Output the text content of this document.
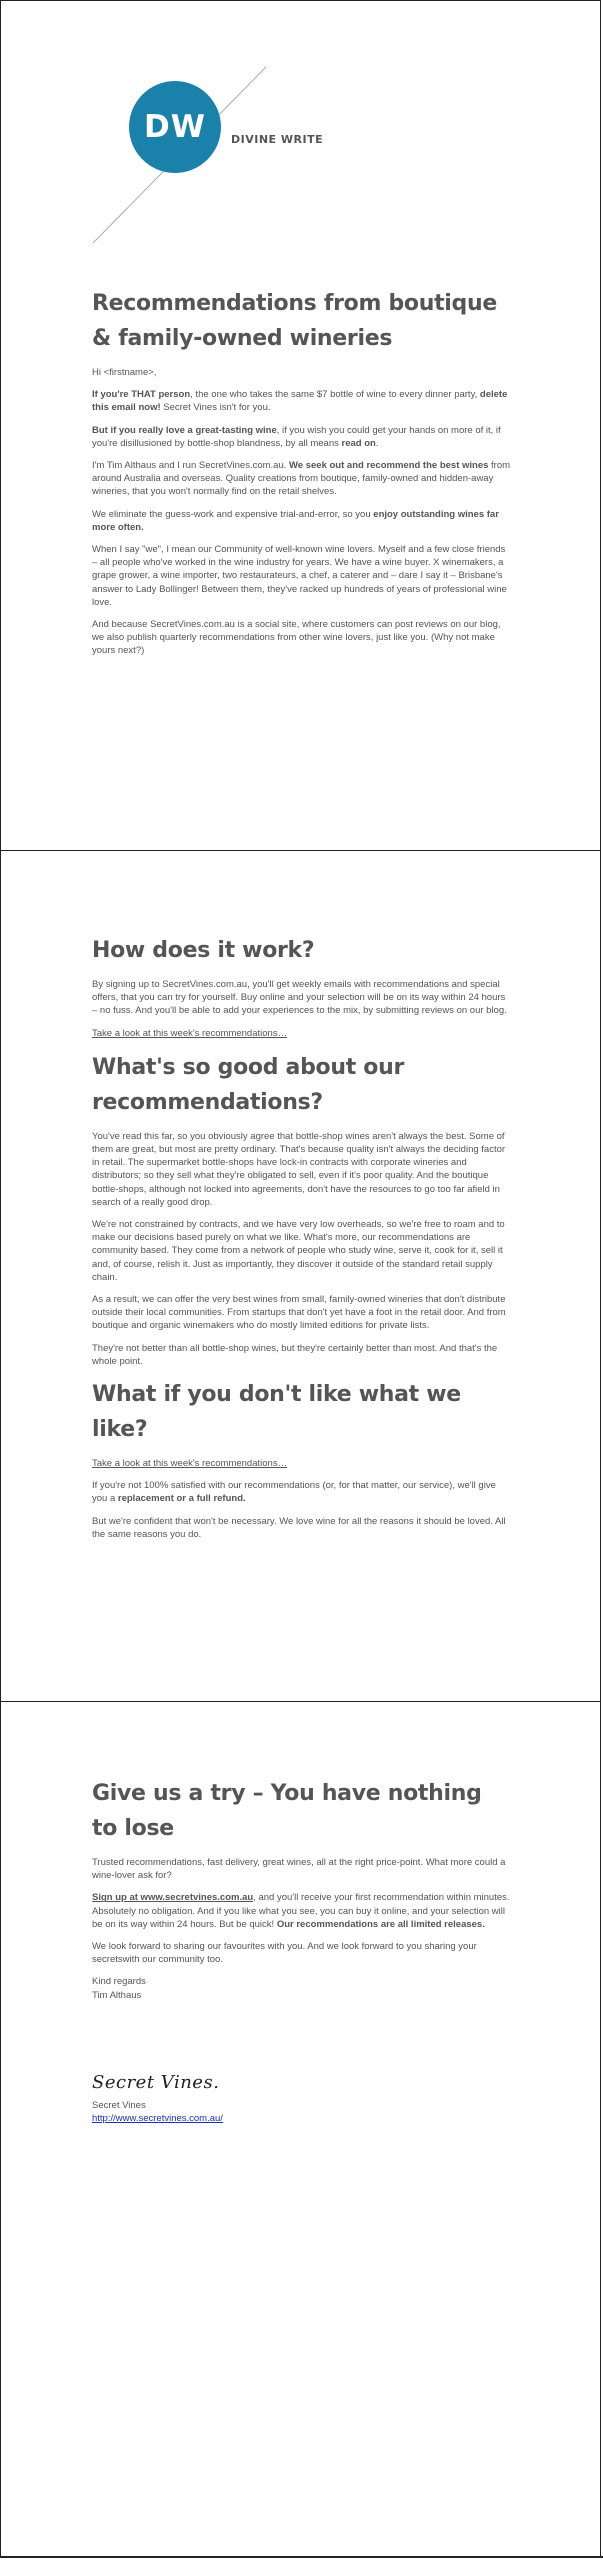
DW DIVINE WRITE
Recommendations from boutique & family-owned wineries

Hi <firstname>,

If you're THAT person, the one who takes the same $7 bottle of wine to every dinner party, delete this email now! Secret Vines isn't for you.

But if you really love a great-tasting wine, if you wish you could get your hands on more of it, if you're disillusioned by bottle-shop blandness, by all means read on.

I'm Tim Althaus and I run SecretVines.com.au. We seek out and recommend the best wines from around Australia and overseas. Quality creations from boutique, family-owned and hidden-away wineries, that you won't normally find on the retail shelves.

We eliminate the guess-work and expensive trial-and-error, so you enjoy outstanding wines far more often.

When I say "we", I mean our Community of well-known wine lovers. Myself and a few close friends – all people who've worked in the wine industry for years. We have a wine buyer. X winemakers, a grape grower, a wine importer, two restaurateurs, a chef, a caterer and – dare I say it – Brisbane's answer to Lady Bollinger! Between them, they've racked up hundreds of years of professional wine love.

And because SecretVines.com.au is a social site, where customers can post reviews on our blog, we also publish quarterly recommendations from other wine lovers, just like you. (Why not make yours next?)

How does it work?

By signing up to SecretVines.com.au, you'll get weekly emails with recommendations and special offers, that you can try for yourself. Buy online and your selection will be on its way within 24 hours – no fuss. And you'll be able to add your experiences to the mix, by submitting reviews on our blog.

Take a look at this week's recommendations…

What's so good about our recommendations?

You've read this far, so you obviously agree that bottle-shop wines aren't always the best. Some of them are great, but most are pretty ordinary. That's because quality isn't always the deciding factor in retail. The supermarket bottle-shops have lock-in contracts with corporate wineries and distributors; so they sell what they're obligated to sell, even if it's poor quality. And the boutique bottle-shops, although not locked into agreements, don't have the resources to go too far afield in search of a really good drop.

We're not constrained by contracts, and we have very low overheads, so we're free to roam and to make our decisions based purely on what we like. What's more, our recommendations are community based. They come from a network of people who study wine, serve it, cook for it, sell it and, of course, relish it. Just as importantly, they discover it outside of the standard retail supply chain.

As a result, we can offer the very best wines from small, family-owned wineries that don't distribute outside their local communities. From startups that don't yet have a foot in the retail door. And from boutique and organic winemakers who do mostly limited editions for private lists.

They're not better than all bottle-shop wines, but they're certainly better than most. And that's the whole point.

What if you don't like what we like?

Take a look at this week's recommendations…

If you're not 100% satisfied with our recommendations (or, for that matter, our service), we'll give you a replacement or a full refund.

But we're confident that won't be necessary. We love wine for all the reasons it should be loved. All the same reasons you do.

Give us a try – You have nothing to lose

Trusted recommendations, fast delivery, great wines, all at the right price-point. What more could a wine-lover ask for?

Sign up at www.secretvines.com.au, and you'll receive your first recommendation within minutes. Absolutely no obligation. And if you like what you see, you can buy it online, and your selection will be on its way within 24 hours. But be quick! Our recommendations are all limited releases.

We look forward to sharing our favourites with you. And we look forward to you sharing your secretswith our community too.

Kind regards

Tim Althaus

Secret Vines.

Secret Vines

http://www.secretvines.com.au/
